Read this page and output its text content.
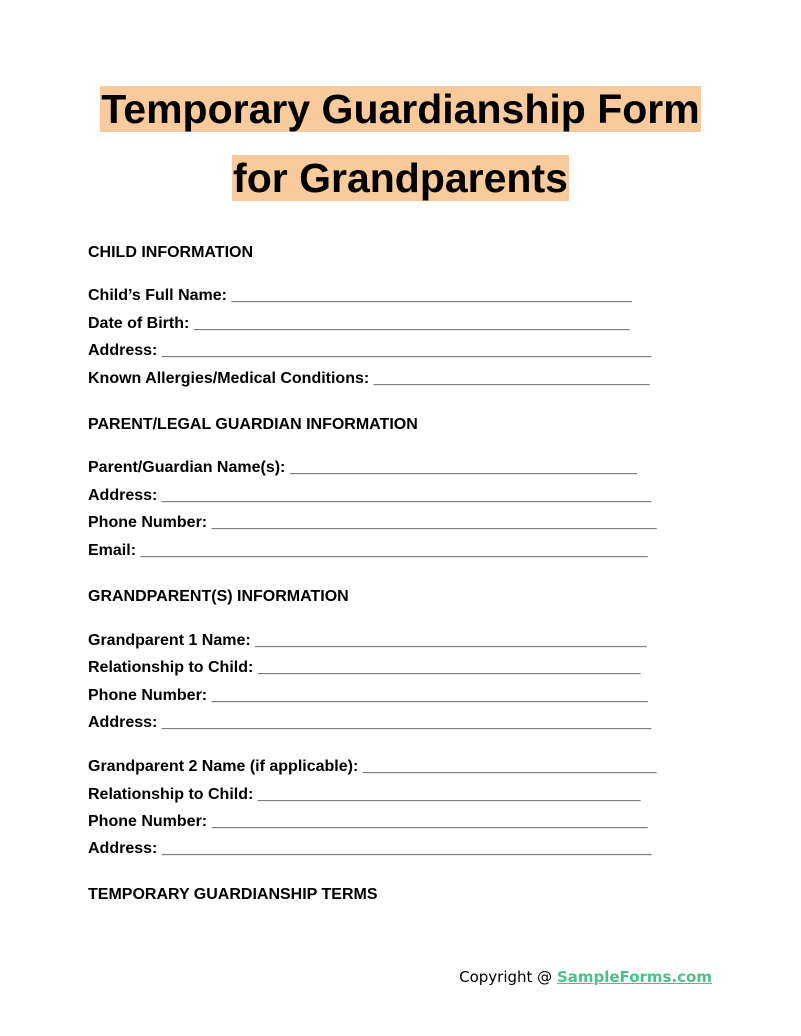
Temporary Guardianship Form
for Grandparents
CHILD INFORMATION
Child’s Full Name: _____________________________________________
Date of Birth: _________________________________________________
Address: _______________________________________________________
Known Allergies/Medical Conditions: _______________________________
PARENT/LEGAL GUARDIAN INFORMATION
Parent/Guardian Name(s): _______________________________________
Address: _______________________________________________________
Phone Number: __________________________________________________
Email: _________________________________________________________
GRANDPARENT(S) INFORMATION
Grandparent 1 Name: ____________________________________________
Relationship to Child: ___________________________________________
Phone Number: _________________________________________________
Address: _______________________________________________________
Grandparent 2 Name (if applicable): _________________________________
Relationship to Child: ___________________________________________
Phone Number: _________________________________________________
Address: _______________________________________________________
TEMPORARY GUARDIANSHIP TERMS
Copyright @ SampleForms.com
